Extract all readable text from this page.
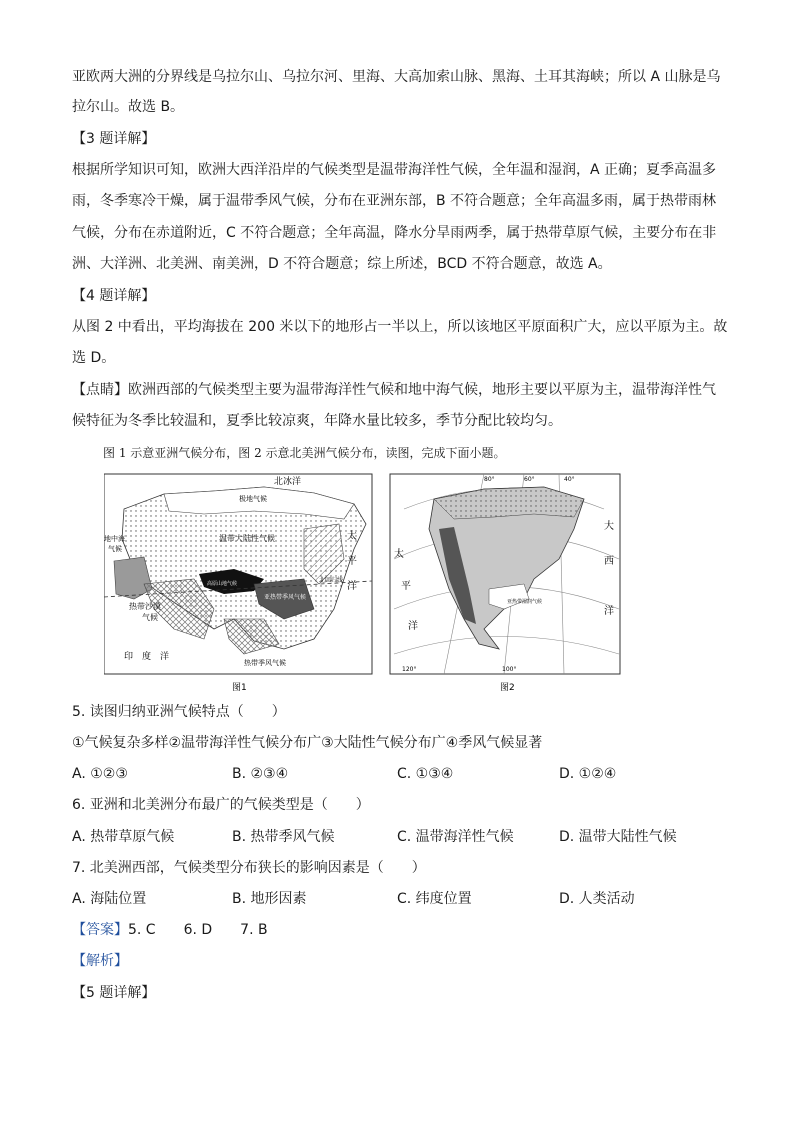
亚欧两大洲的分界线是乌拉尔山、乌拉尔河、里海、大高加索山脉、黑海、土耳其海峡；所以 A 山脉是乌
拉尔山。故选 B。
【3 题详解】
根据所学知识可知，欧洲大西洋沿岸的气候类型是温带海洋性气候，全年温和湿润，A 正确；夏季高温多
雨，冬季寒冷干燥，属于温带季风气候，分布在亚洲东部，B 不符合题意；全年高温多雨，属于热带雨林
气候，分布在赤道附近，C 不符合题意；全年高温，降水分旱雨两季，属于热带草原气候，主要分布在非
洲、大洋洲、北美洲、南美洲，D 不符合题意；综上所述，BCD 不符合题意，故选 A。
【4 题详解】
从图 2 中看出，平均海拔在 200 米以下的地形占一半以上，所以该地区平原面积广大，应以平原为主。故
选 D。
【点睛】欧洲西部的气候类型主要为温带海洋性气候和地中海气候，地形主要以平原为主，温带海洋性气
候特征为冬季比较温和，夏季比较凉爽，年降水量比较多，季节分配比较均匀。
图 1 示意亚洲气候分布，图 2 示意北美洲气候分布，读图，完成下面小题。
北冰洋
极地气候
温带大陆性气候	太
平
洋
地中海
气候
高原山地气候
热带沙漠
气候
亚热带季风气候
印　度　洋
热带季风气候
北回归线
太
平
洋
大
西
洋
亚热带湿润气候
120°	100°
80°	60°	40°
图1	图2
5. 读图归纳亚洲气候特点（　　）
①气候复杂多样②温带海洋性气候分布广③大陆性气候分布广④季风气候显著
A. ①②③	B. ②③④	C. ①③④	D. ①②④
6. 亚洲和北美洲分布最广的气候类型是（　　）
A. 热带草原气候	B. 热带季风气候	C. 温带海洋性气候	D. 温带大陆性气候
7. 北美洲西部，气候类型分布狭长的影响因素是（　　）
A. 海陆位置	B. 地形因素	C. 纬度位置	D. 人类活动
【答案】5. C　　6. D　　7. B
【解析】
【5 题详解】
